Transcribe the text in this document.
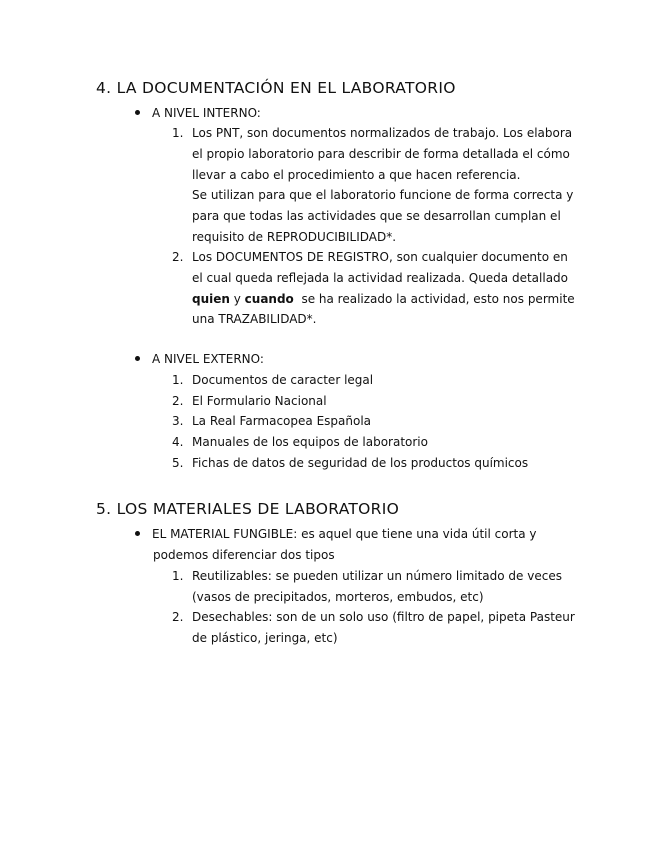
4. LA DOCUMENTACIÓN EN EL LABORATORIO
A NIVEL INTERNO:
1. Los PNT, son documentos normalizados de trabajo. Los elabora
el propio laboratorio para describir de forma detallada el cómo
llevar a cabo el procedimiento a que hacen referencia.
Se utilizan para que el laboratorio funcione de forma correcta y
para que todas las actividades que se desarrollan cumplan el
requisito de REPRODUCIBILIDAD*.
2. Los DOCUMENTOS DE REGISTRO, son cualquier documento en
el cual queda reflejada la actividad realizada. Queda detallado
quien y cuando  se ha realizado la actividad, esto nos permite
una TRAZABILIDAD*.
A NIVEL EXTERNO:
1. Documentos de caracter legal
2. El Formulario Nacional
3. La Real Farmacopea Española
4. Manuales de los equipos de laboratorio
5. Fichas de datos de seguridad de los productos químicos
5. LOS MATERIALES DE LABORATORIO
EL MATERIAL FUNGIBLE: es aquel que tiene una vida útil corta y
podemos diferenciar dos tipos
1. Reutilizables: se pueden utilizar un número limitado de veces
(vasos de precipitados, morteros, embudos, etc)
2. Desechables: son de un solo uso (filtro de papel, pipeta Pasteur
de plástico, jeringa, etc)
